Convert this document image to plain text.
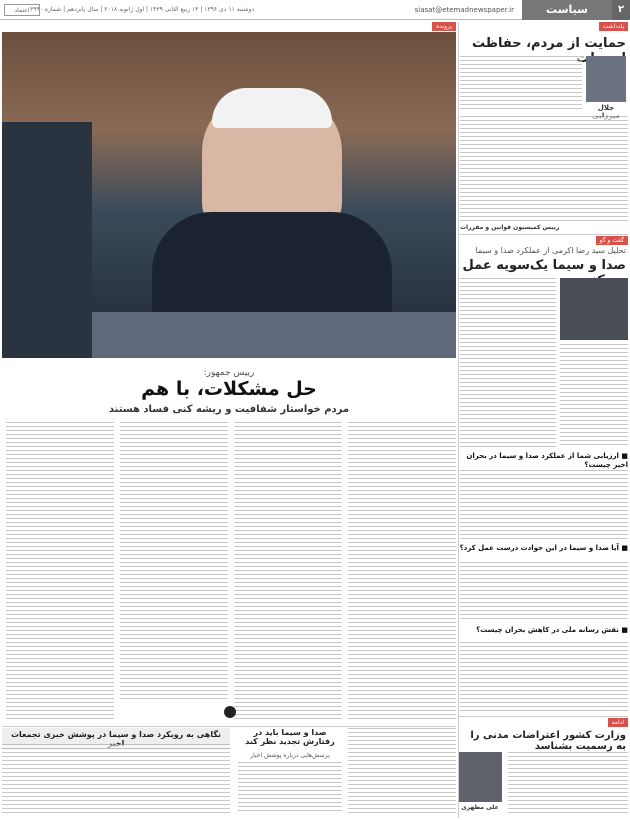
۲
سیاست
siasat@etemadnewspaper.ir
دوشنبه ۱۱ دی ۱۳۹۶ | ۱۳ ربیع الثانی ۱۴۳۹ | اول ژانویه ۲۰۱۸ | سال پانزدهم | شماره ۳۹۹۰
اعتماد
یادداشت
حمایت از مردم، حفاظت
جلال
رییس کمیسیون قوانین و مقررات
گفت و گو
تحلیل سید رضا اکرمی از عملکرد صدا و سیما
صدا و سیما یک‌سویه عمل
■ ارزیابی شما از عملکرد صدا و سیما در بحران اخیر چیست؟
■ آیا صدا و سیما در این حوادث درست عمل کرد؟
■ نقش رسانه ملی در کاهش بحران چیست؟
ادامه
وزارت کشور اعتراضات مدنی را به رسمیت بشناسد
علی مطهری
پرونده
رییس جمهور:
حل مشکلات، با هم
مردم خواستار شفافیت و ریشه کنی فساد هستند
نگاهی به رویکرد صدا و سیما در پوشش خبری تجمعات	صدا و سیما باید در رفتارش تجدید نظر کند
پرسش‌هایی درباره پوشش اخبار
